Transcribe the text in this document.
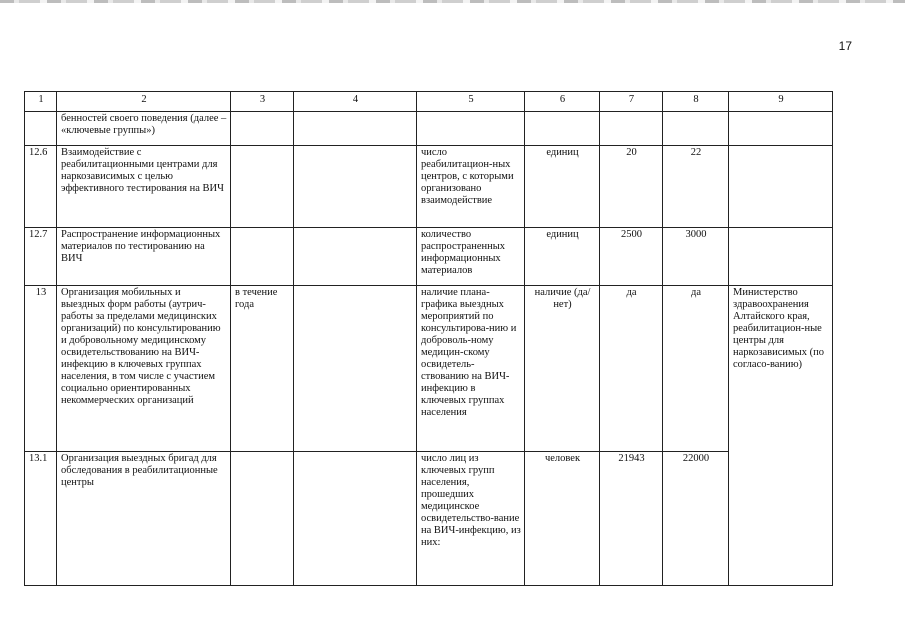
17
1	2	3	4	5	6	7	8	9
	бенностей своего поведения (далее – «ключевые группы»)							
12.6	Взаимодействие с реабилитационными центрами для наркозависимых с целью эффективного тестирования на ВИЧ			число реабилитацион-ных центров, с которыми организовано взаимодействие	единиц	20	22	
12.7	Распространение информационных материалов по тестированию на ВИЧ			количество распространенных информационных материалов	единиц	2500	3000	
13	Организация мобильных и выездных форм работы (аутрич-работы за пределами медицинских организаций) по консультированию и добровольному медицинскому освидетельствованию на ВИЧ-инфекцию в ключевых группах населения, в том числе с участием социально ориентированных некоммерческих организаций	в течение года		наличие плана-графика выездных мероприятий по консультирова-нию и доброволь-ному медицин-скому освидетель-ствованию на ВИЧ-инфекцию в ключевых группах населения	наличие (да/нет)	да	да	Министерство здравоохранения Алтайского края, реабилитацион-ные центры для наркозависимых (по согласо-ванию)
13.1	Организация выездных бригад для обследования в реабилитационные центры			число лиц из ключевых групп населения, прошедших медицинское освидетельство-вание на ВИЧ-инфекцию, из них:	человек	21943	22000	
